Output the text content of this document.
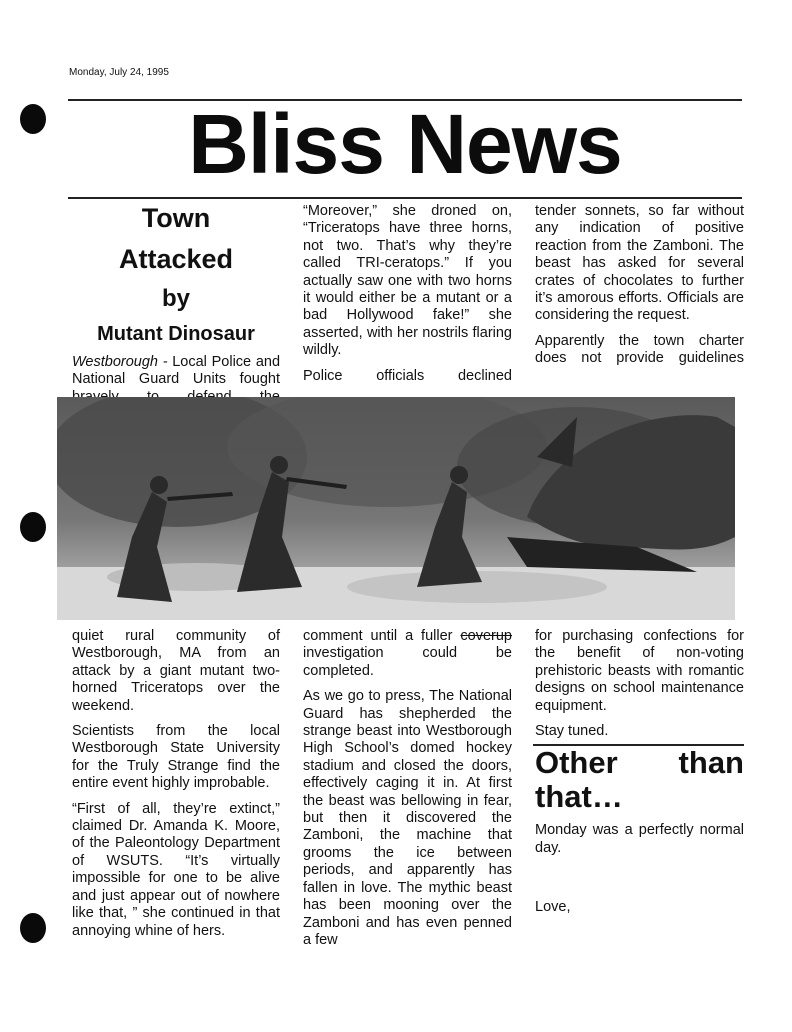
Monday, July 24, 1995
Bliss News

Town

Attacked

by

Mutant Dinosaur

Westborough - Local Police and National Guard Units fought

“Moreover,” she droned on, “Triceratops have three horns, not two. That’s why they’re called TRI-ceratops.” If you actually saw one with two horns it would either be a mutant or a bad Hollywood fake!” she asserted, with her nostrils flaring wildly.

Police officials declined

tender sonnets, so far without any indication of positive reaction from the Zamboni. The beast has asked for several crates of chocolates to further it’s amorous efforts. Officials are considering the request.

Apparently the town charter does not provide guidelines

quiet rural community of Westborough, MA from an attack by a giant mutant two-horned Triceratops over the weekend.

Scientists from the local Westborough State University for the Truly Strange find the entire event highly improbable.

“First of all, they’re extinct,” claimed Dr. Amanda K. Moore, of the Paleontology Department of WSUTS. “It’s virtually impossible for one to be alive and just appear out of nowhere like that, ” she continued in that annoying whine of hers.

comment until a fuller coverup investigation could be completed.

As we go to press, The National Guard has shepherded the strange beast into Westborough High School’s domed hockey stadium and closed the doors, effectively caging it in. At first the beast was bellowing in fear, but then it discovered the Zamboni, the machine that grooms the ice between periods, and apparently has fallen in love. The mythic beast has been mooning over the Zamboni and has even penned a few

for purchasing confections for the benefit of non-voting prehistoric beasts with romantic designs on school maintenance equipment.

Stay tuned.

Other than that…

Monday was a perfectly normal day.

Love,
